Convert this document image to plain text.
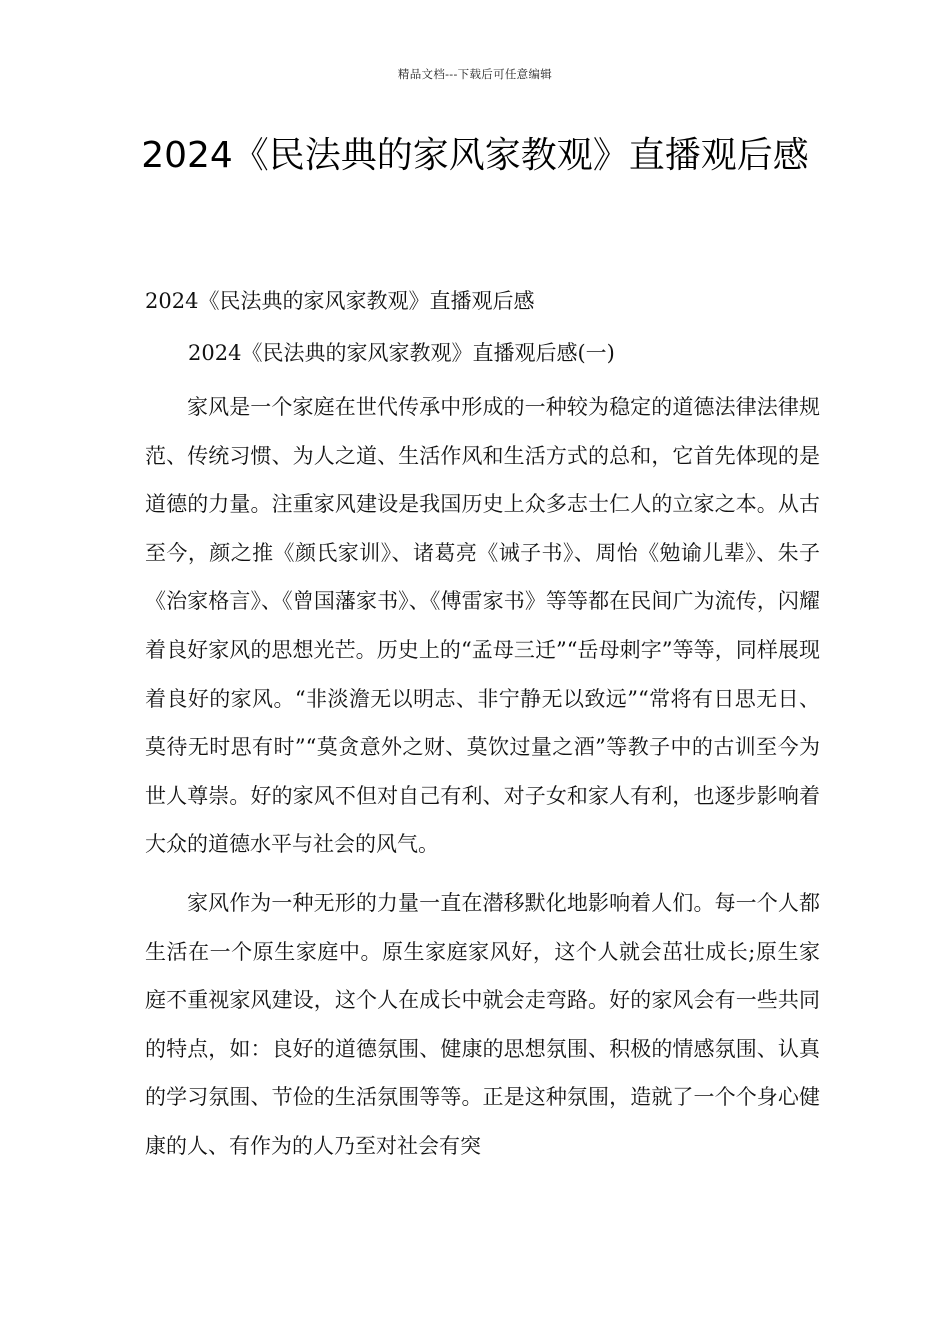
精品文档---下载后可任意编辑
2024《民法典的家风家教观》直播观后感

2024《民法典的家风家教观》直播观后感

2024《民法典的家风家教观》直播观后感(一)

家风是一个家庭在世代传承中形成的一种较为稳定的道德法律法律规范、传统习惯、为人之道、生活作风和生活方式的总和，它首先体现的是道德的力量。注重家风建设是我国历史上众多志士仁人的立家之本。从古至今，颜之推《颜氏家训》、诸葛亮《诫子书》、周怡《勉谕儿辈》、朱子《治家格言》、《曾国藩家书》、《傅雷家书》等等都在民间广为流传，闪耀着良好家风的思想光芒。历史上的“孟母三迁”“岳母刺字”等等，同样展现着良好的家风。“非淡澹无以明志、非宁静无以致远”“常将有日思无日、莫待无时思有时”“莫贪意外之财、莫饮过量之酒”等教子中的古训至今为世人尊崇。好的家风不但对自己有利、对子女和家人有利，也逐步影响着大众的道德水平与社会的风气。

家风作为一种无形的力量一直在潜移默化地影响着人们。每一个人都生活在一个原生家庭中。原生家庭家风好，这个人就会茁壮成长;原生家庭不重视家风建设，这个人在成长中就会走弯路。好的家风会有一些共同的特点，如：良好的道德氛围、健康的思想氛围、积极的情感氛围、认真的学习氛围、节俭的生活氛围等等。正是这种氛围，造就了一个个身心健康的人、有作为的人乃至对社会有突
